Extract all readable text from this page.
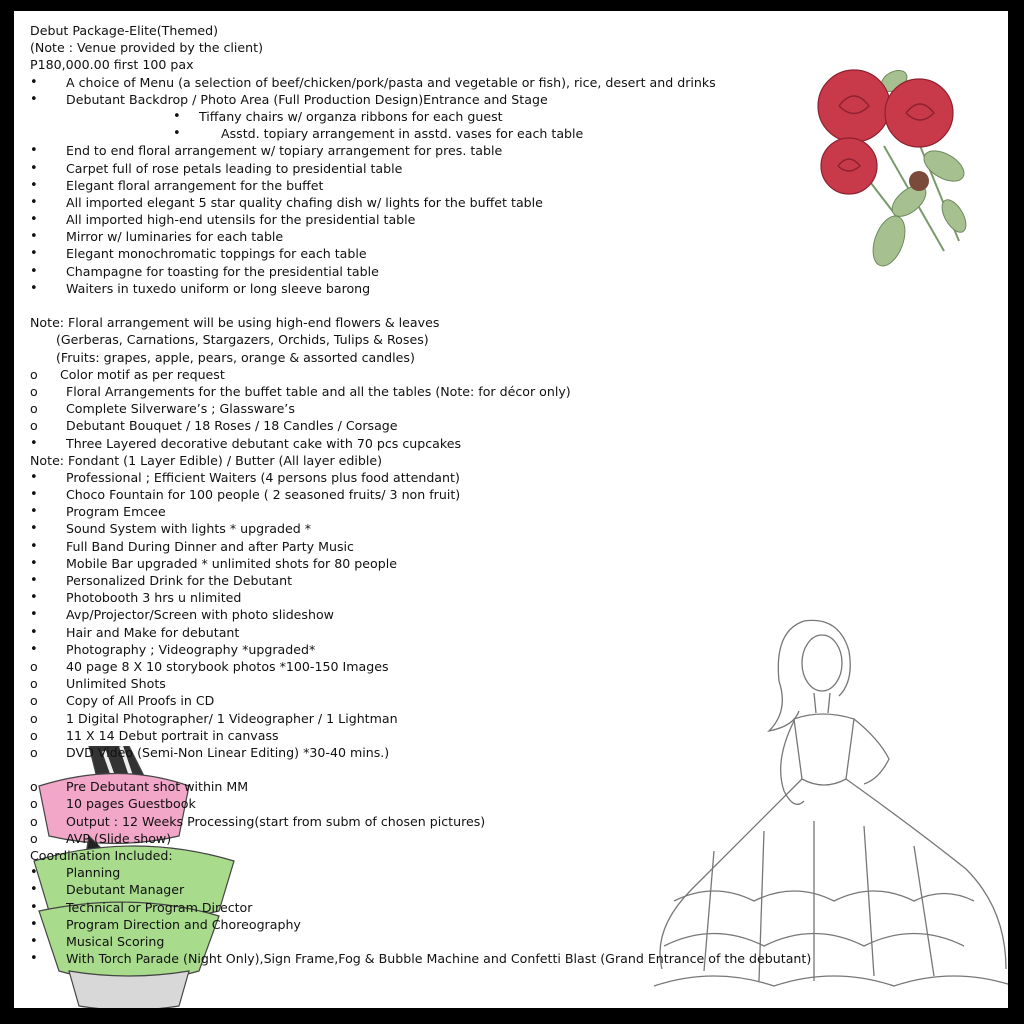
Debut Package-Elite(Themed)
(Note : Venue provided by the client)
P180,000.00 first 100 pax
•	A choice of Menu (a selection of beef/chicken/pork/pasta and vegetable or fish), rice, desert and drinks
•	Debutant Backdrop / Photo Area (Full Production Design)Entrance and Stage
•	Tiffany chairs w/ organza ribbons for each guest
•	Asstd. topiary arrangement in asstd. vases for each table
•	End to end floral arrangement w/ topiary arrangement for pres. table
•	Carpet full of rose petals leading to presidential table
•	Elegant floral arrangement for the buffet
•	All imported elegant 5 star quality chafing dish w/ lights for the buffet table
•	All imported high-end utensils for the presidential table
•	Mirror w/ luminaries for each table
•	Elegant monochromatic toppings for each table
•	Champagne for toasting for the presidential table
•	Waiters in tuxedo uniform or long sleeve barong
Note: Floral arrangement will be using high-end flowers & leaves
(Gerberas, Carnations, Stargazers, Orchids, Tulips & Roses)
(Fruits: grapes, apple, pears, orange & assorted candles)
o	Color motif as per request
o	Floral Arrangements for the buffet table and all the tables (Note: for décor only)
o	Complete Silverware’s ; Glassware’s
o	Debutant Bouquet / 18 Roses / 18 Candles / Corsage
•	Three Layered decorative debutant cake with 70 pcs cupcakes
Note: Fondant (1 Layer Edible) / Butter (All layer edible)
•	Professional ; Efficient Waiters (4 persons plus food attendant)
•	Choco Fountain for 100 people ( 2 seasoned fruits/ 3 non fruit)
•	Program Emcee
•	Sound System with lights * upgraded *
•	Full Band During Dinner and after Party Music
•	Mobile Bar upgraded * unlimited shots for 80 people
•	Personalized Drink for the Debutant
•	Photobooth 3 hrs u nlimited
•	Avp/Projector/Screen with photo slideshow
•	Hair and Make for debutant
•	Photography ; Videography *upgraded*
o	40 page 8 X 10 storybook photos *100-150 Images
o	Unlimited Shots
o	Copy of All Proofs in CD
o	1 Digital Photographer/ 1 Videographer / 1 Lightman
o	11 X 14 Debut portrait in canvass
o	DVD Video (Semi-Non Linear Editing) *30-40 mins.)
o	Pre Debutant shot within MM
o	10 pages Guestbook
o	Output : 12 Weeks Processing(start from subm of chosen pictures)
o	AVP (Slide show)
Coordination Included:
•	Planning
•	Debutant Manager
•	Technical or Program Director
•	Program Direction and Choreography
•	Musical Scoring
•	With Torch Parade (Night Only),Sign Frame,Fog & Bubble Machine and Confetti Blast (Grand Entrance of the debutant)
